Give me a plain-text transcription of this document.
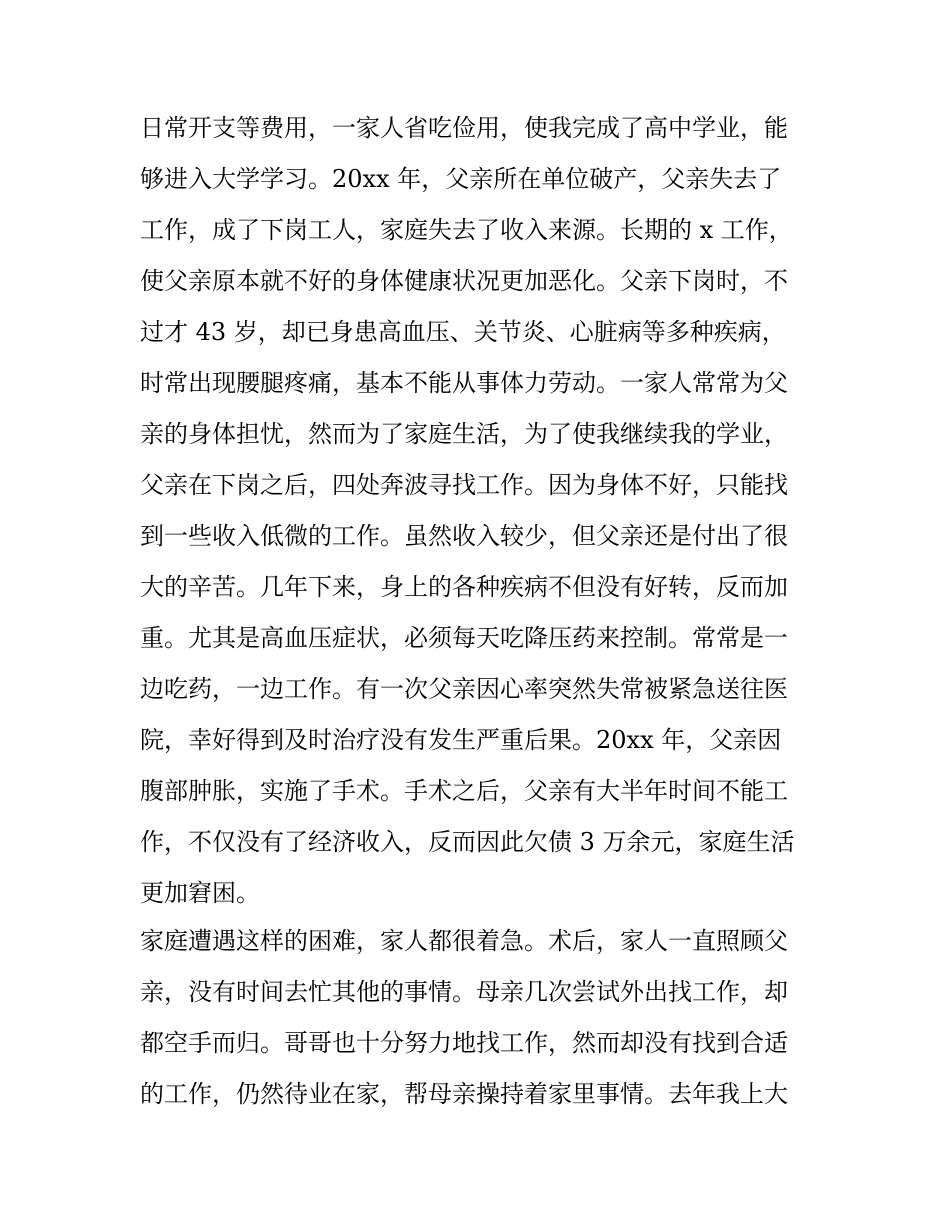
日常开支等费用，一家人省吃俭用，使我完成了高中学业，能
够进入大学学习。20xx 年，父亲所在单位破产，父亲失去了
工作，成了下岗工人，家庭失去了收入来源。长期的 x 工作，
使父亲原本就不好的身体健康状况更加恶化。父亲下岗时，不
过才 43 岁，却已身患高血压、关节炎、心脏病等多种疾病，
时常出现腰腿疼痛，基本不能从事体力劳动。一家人常常为父
亲的身体担忧，然而为了家庭生活，为了使我继续我的学业，
父亲在下岗之后，四处奔波寻找工作。因为身体不好，只能找
到一些收入低微的工作。虽然收入较少，但父亲还是付出了很
大的辛苦。几年下来，身上的各种疾病不但没有好转，反而加
重。尤其是高血压症状，必须每天吃降压药来控制。常常是一
边吃药，一边工作。有一次父亲因心率突然失常被紧急送往医
院，幸好得到及时治疗没有发生严重后果。20xx 年，父亲因
腹部肿胀，实施了手术。手术之后，父亲有大半年时间不能工
作，不仅没有了经济收入，反而因此欠债 3 万余元，家庭生活
更加窘困。
家庭遭遇这样的困难，家人都很着急。术后，家人一直照顾父
亲，没有时间去忙其他的事情。母亲几次尝试外出找工作，却
都空手而归。哥哥也十分努力地找工作，然而却没有找到合适
的工作，仍然待业在家，帮母亲操持着家里事情。去年我上大
